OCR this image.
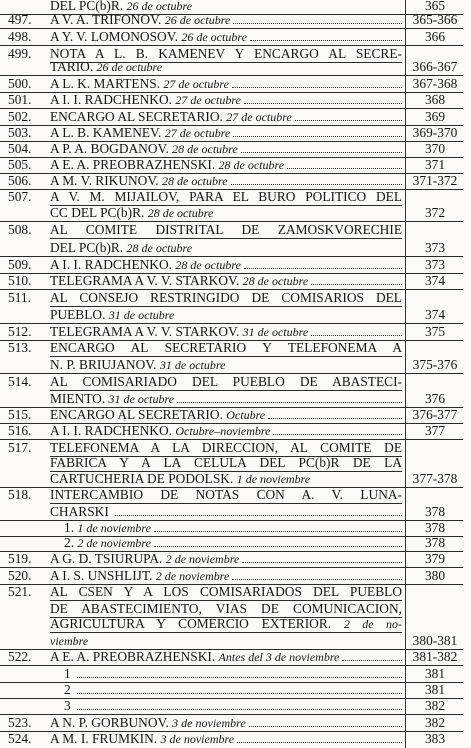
DEL PC(b)R. 26 de octubre	365
497.	A V. A. TRIFONOV. 26 de octubre	365-366
498.	A Y. V. LOMONOSOV. 26 de octubre	366
499.	NOTA A L. B. KAMENEV Y ENCARGO AL SECRE-
TARIO. 26 de octubre	366-367
500.	A L. K. MARTENS. 27 de octubre	367-368
501.	A I. I. RADCHENKO. 27 de octubre	368
502.	ENCARGO AL SECRETARIO. 27 de octubre	369
503.	A L. B. KAMENEV. 27 de octubre	369-370
504.	A P. A. BOGDANOV. 28 de octubre	370
505.	A E. A. PREOBRAZHENSKI. 28 de octubre	371
506.	A M. V. RIKUNOV. 28 de octubre	371-372
507.	A V. M. MIJAILOV, PARA EL BURO POLITICO DEL
CC DEL PC(b)R. 28 de octubre	372
508.	AL COMITE DISTRITAL DE ZAMOSKVORECHIE
DEL PC(b)R. 28 de octubre	373
509.	A I. I. RADCHENKO. 28 de octubre	373
510.	TELEGRAMA A V. V. STARKOV. 28 de octubre	374
511.	AL CONSEJO RESTRINGIDO DE COMISARIOS DEL
PUEBLO. 31 de octubre	374
512.	TELEGRAMA A V. V. STARKOV. 31 de octubre	375
513.	ENCARGO AL SECRETARIO Y TELEFONEMA A
N. P. BRIUJANOV. 31 de octubre	375-376
514.	AL COMISARIADO DEL PUEBLO DE ABASTECI-
MIENTO. 31 de octubre	376
515.	ENCARGO AL SECRETARIO. Octubre	376-377
516.	A I. I. RADCHENKO. Octubre–noviembre	377
517.	TELEFONEMA A LA DIRECCION, AL COMITE DE
FABRICA Y A LA CELULA DEL PC(b)R DE LA
CARTUCHERIA DE PODOLSK. 1 de noviembre	377-378
518.	INTERCAMBIO DE NOTAS CON A. V. LUNA-
CHARSKI	378
1. 1 de noviembre	378
2. 2 de noviembre	378
519.	A G. D. TSIURUPA. 2 de noviembre	379
520.	A I. S. UNSHLIJT. 2 de noviembre	380
521.	AL CSEN Y A LOS COMISARIADOS DEL PUEBLO
DE ABASTECIMIENTO, VIAS DE COMUNICACION,
AGRICULTURA Y COMERCIO EXTERIOR. 2 de no-
viembre	380-381
522.	A E. A. PREOBRAZHENSKI. Antes del 3 de noviembre	381-382
1	381
2	381
3	382
523.	A N. P. GORBUNOV. 3 de noviembre	382
524.	A M. I. FRUMKIN. 3 de noviembre	383
